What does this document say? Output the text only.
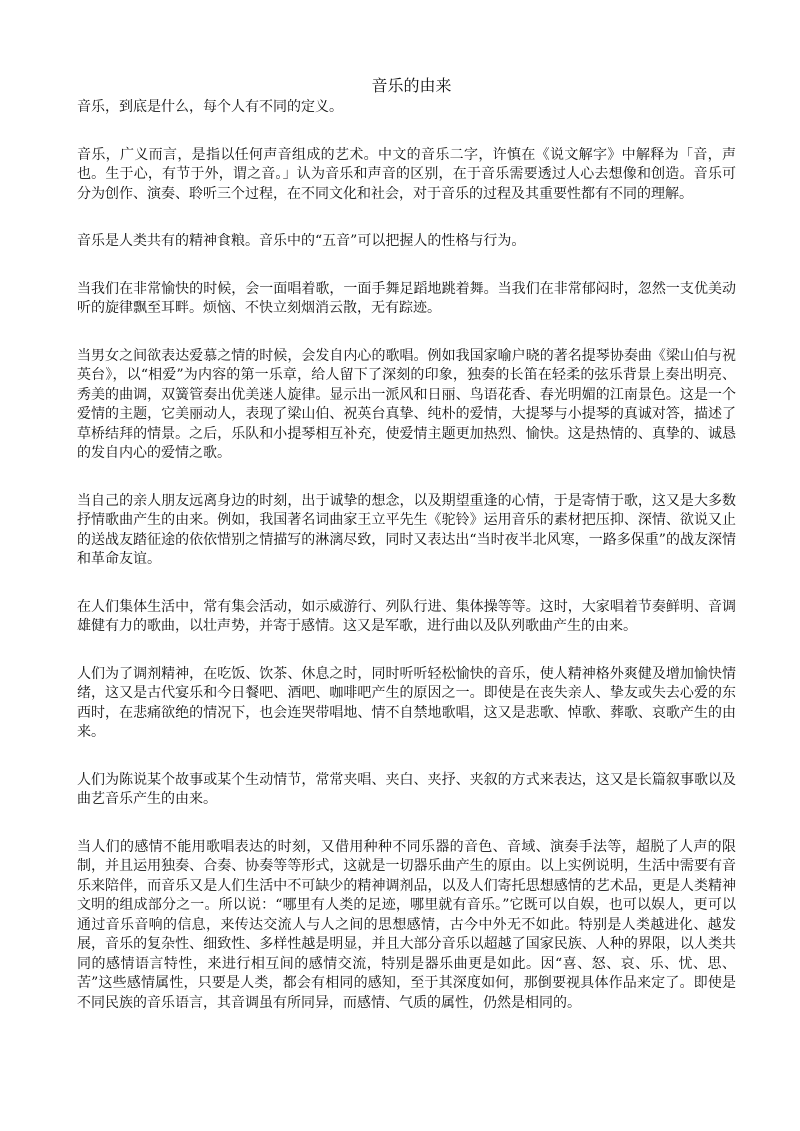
音乐的由来

音乐，到底是什么，每个人有不同的定义。

音乐，广义而言，是指以任何声音组成的艺术。中文的音乐二字，许慎在《说文解字》中解释为「音，声也。生于心，有节于外，谓之音。」认为音乐和声音的区别，在于音乐需要透过人心去想像和创造。音乐可分为创作、演奏、聆听三个过程，在不同文化和社会，对于音乐的过程及其重要性都有不同的理解。

音乐是人类共有的精神食粮。音乐中的“五音”可以把握人的性格与行为。

当我们在非常愉快的时候，会一面唱着歌，一面手舞足蹈地跳着舞。当我们在非常郁闷时，忽然一支优美动听的旋律飘至耳畔。烦恼、不快立刻烟消云散，无有踪迹。

当男女之间欲表达爱慕之情的时候，会发自内心的歌唱。例如我国家喻户晓的著名提琴协奏曲《梁山伯与祝英台》，以“相爱”为内容的第一乐章，给人留下了深刻的印象，独奏的长笛在轻柔的弦乐背景上奏出明亮、秀美的曲调，双簧管奏出优美迷人旋律。显示出一派风和日丽、鸟语花香、春光明媚的江南景色。这是一个爱情的主题，它美丽动人，表现了梁山伯、祝英台真挚、纯朴的爱情，大提琴与小提琴的真诚对答，描述了草桥结拜的情景。之后，乐队和小提琴相互补充，使爱情主题更加热烈、愉快。这是热情的、真挚的、诚恳的发自内心的爱情之歌。

当自己的亲人朋友远离身边的时刻，出于诚挚的想念，以及期望重逢的心情，于是寄情于歌，这又是大多数抒情歌曲产生的由来。例如，我国著名词曲家王立平先生《驼铃》运用音乐的素材把压抑、深情、欲说又止的送战友踏征途的依依惜别之情描写的淋漓尽致，同时又表达出“当时夜半北风寒，一路多保重”的战友深情和革命友谊。

在人们集体生活中，常有集会活动，如示威游行、列队行进、集体操等等。这时，大家唱着节奏鲜明、音调雄健有力的歌曲，以壮声势，并寄于感情。这又是军歌，进行曲以及队列歌曲产生的由来。

人们为了调剂精神，在吃饭、饮茶、休息之时，同时听听轻松愉快的音乐，使人精神格外爽健及增加愉快情绪，这又是古代宴乐和今日餐吧、酒吧、咖啡吧产生的原因之一。即使是在丧失亲人、挚友或失去心爱的东西时，在悲痛欲绝的情况下，也会连哭带唱地、情不自禁地歌唱，这又是悲歌、悼歌、葬歌、哀歌产生的由来。

人们为陈说某个故事或某个生动情节，常常夹唱、夹白、夹抒、夹叙的方式来表达，这又是长篇叙事歌以及曲艺音乐产生的由来。

当人们的感情不能用歌唱表达的时刻，又借用种种不同乐器的音色、音域、演奏手法等，超脱了人声的限制，并且运用独奏、合奏、协奏等等形式，这就是一切器乐曲产生的原由。以上实例说明，生活中需要有音乐来陪伴，而音乐又是人们生活中不可缺少的精神调剂品，以及人们寄托思想感情的艺术品，更是人类精神文明的组成部分之一。所以说：“哪里有人类的足迹，哪里就有音乐。”它既可以自娱，也可以娱人，更可以通过音乐音响的信息，来传达交流人与人之间的思想感情，古今中外无不如此。特别是人类越进化、越发展，音乐的复杂性、细致性、多样性越是明显，并且大部分音乐以超越了国家民族、人种的界限，以人类共同的感情语言特性，来进行相互间的感情交流，特别是器乐曲更是如此。因“喜、怒、哀、乐、忧、思、苦”这些感情属性，只要是人类，都会有相同的感知，至于其深度如何，那倒要视具体作品来定了。即使是不同民族的音乐语言，其音调虽有所同异，而感情、气质的属性，仍然是相同的。
